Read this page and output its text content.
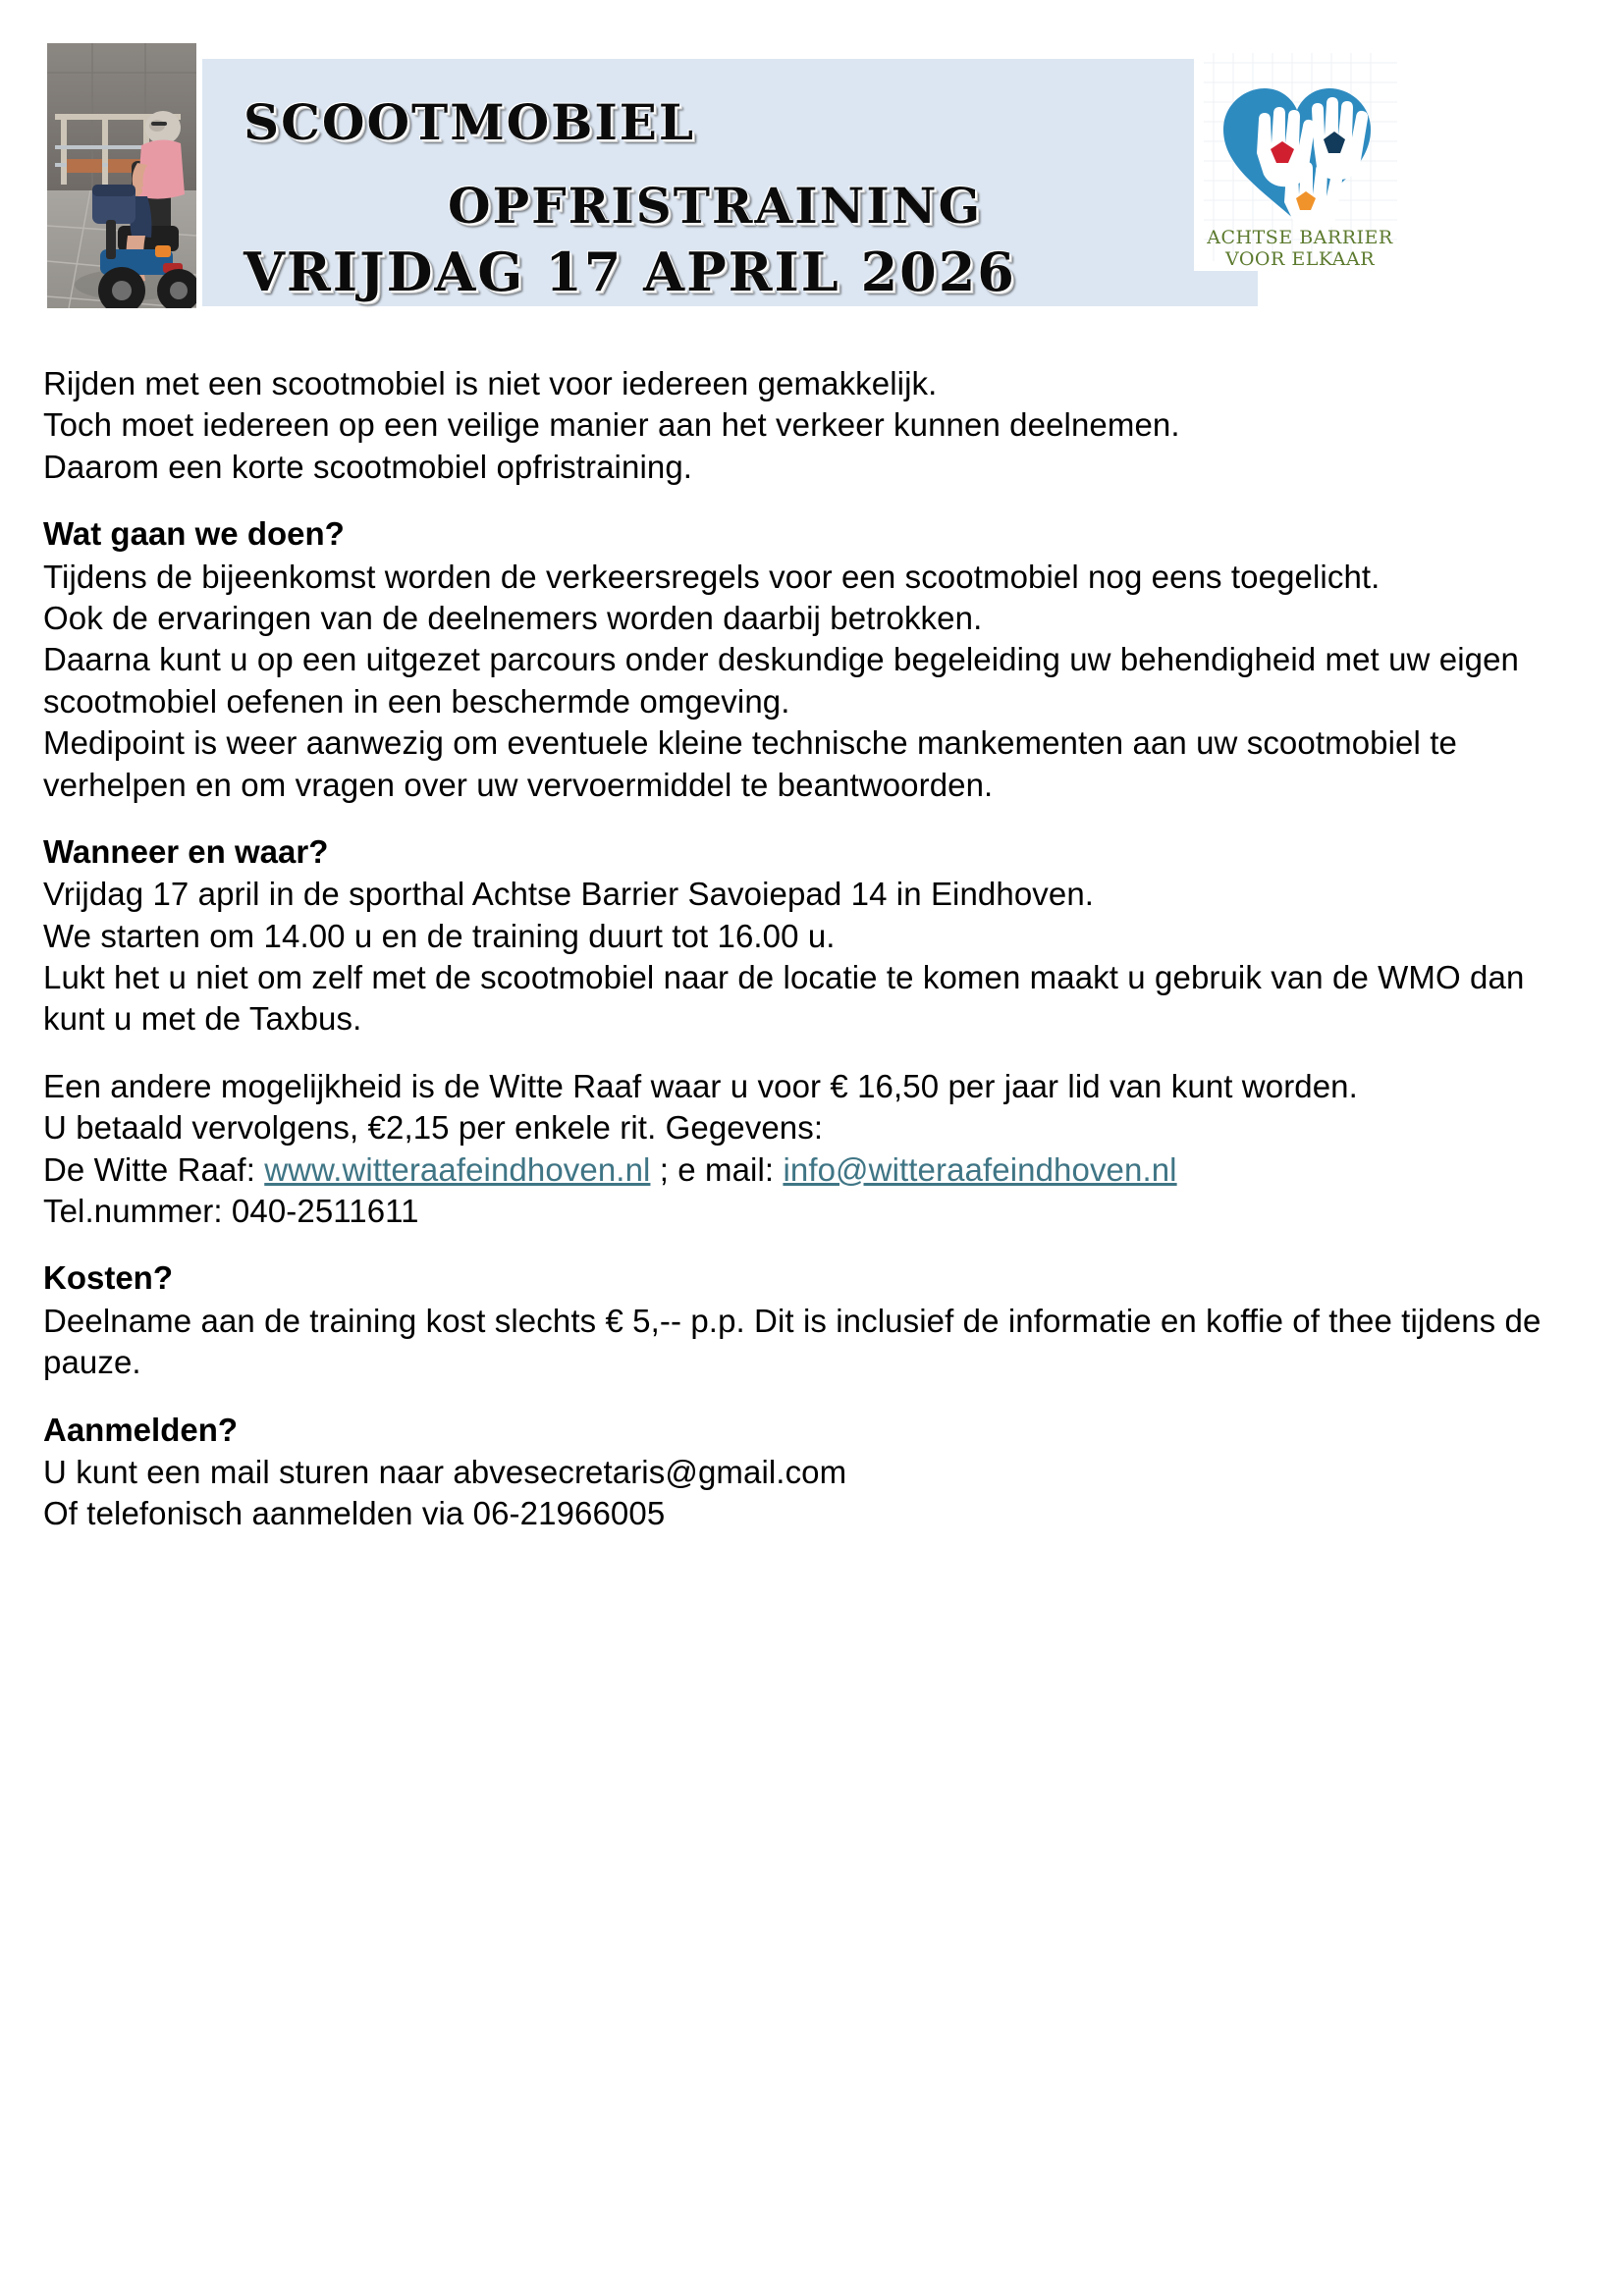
SCOOTMOBIEL
OPFRISTRAINING
VRIJDAG 17 APRIL 2026
ACHTSE BARRIER
VOOR ELKAAR

Rijden met een scootmobiel is niet voor iedereen gemakkelijk.

Toch moet iedereen op een veilige manier aan het verkeer kunnen deelnemen.

Daarom een korte scootmobiel opfristraining.

Wat gaan we doen?

Tijdens de bijeenkomst worden de verkeersregels voor een scootmobiel nog eens toegelicht.

Ook de ervaringen van de deelnemers worden daarbij betrokken.

Daarna kunt u op een uitgezet parcours onder deskundige begeleiding uw behendigheid met uw eigen scootmobiel oefenen in een beschermde omgeving.

Medipoint is weer aanwezig om eventuele kleine technische mankementen aan uw scootmobiel te verhelpen en om vragen over uw vervoermiddel te beantwoorden.

Wanneer en waar?

Vrijdag 17 april in de sporthal Achtse Barrier Savoiepad 14 in Eindhoven.

We starten om 14.00 u en de training duurt tot 16.00 u.

Lukt het u niet om zelf met de scootmobiel naar de locatie te komen maakt u gebruik van de WMO dan kunt u met de Taxbus.

Een andere mogelijkheid is de Witte Raaf waar u voor € 16,50 per jaar lid van kunt worden.

U betaald vervolgens, €2,15 per enkele rit. Gegevens:

De Witte Raaf: www.witteraafeindhoven.nl ; e mail: info@witteraafeindhoven.nl

Tel.nummer: 040-2511611

Kosten?

Deelname aan de training kost slechts € 5,-- p.p. Dit is inclusief de informatie en koffie of thee tijdens de pauze.

Aanmelden?

U kunt een mail sturen naar abvesecretaris@gmail.com

Of telefonisch aanmelden via 06-21966005
